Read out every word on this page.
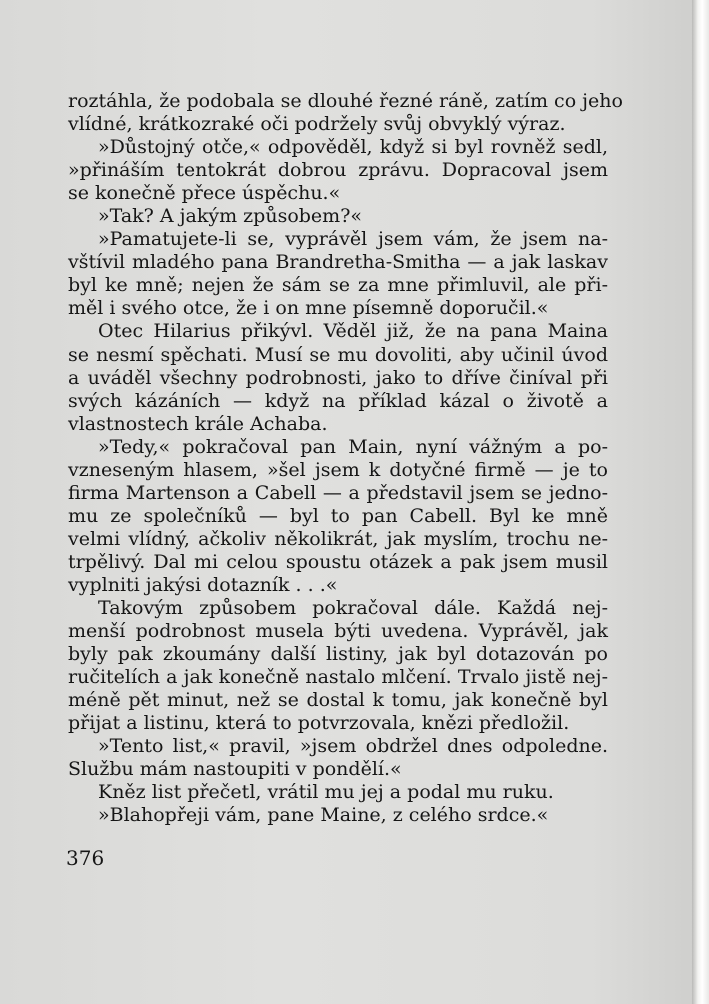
roztáhla, že podobala se dlouhé řezné ráně, zatím co jeho
vlídné, krátkozraké oči podržely svůj obvyklý výraz.
»Důstojný otče,« odpověděl, když si byl rovněž sedl,
»přináším tentokrát dobrou zprávu. Dopracoval jsem
se konečně přece úspěchu.«
»Tak? A jakým způsobem?«
»Pamatujete-li se, vyprávěl jsem vám, že jsem na-
vštívil mladého pana Brandretha-Smitha — a jak laskav
byl ke mně; nejen že sám se za mne přimluvil, ale při-
měl i svého otce, že i on mne písemně doporučil.«
Otec Hilarius přikývl. Věděl již, že na pana Maina
se nesmí spěchati. Musí se mu dovoliti, aby učinil úvod
a uváděl všechny podrobnosti, jako to dříve činíval při
svých kázáních — když na příklad kázal o životě a
vlastnostech krále Achaba.
»Tedy,« pokračoval pan Main, nyní vážným a po-
vzneseným hlasem, »šel jsem k dotyčné firmě — je to
firma Martenson a Cabell — a představil jsem se jedno-
mu ze společníků — byl to pan Cabell. Byl ke mně
velmi vlídný, ačkoliv několikrát, jak myslím, trochu ne-
trpělivý. Dal mi celou spoustu otázek a pak jsem musil
vyplniti jakýsi dotazník . . .«
Takovým způsobem pokračoval dále. Každá nej-
menší podrobnost musela býti uvedena. Vyprávěl, jak
byly pak zkoumány další listiny, jak byl dotazován po
ručitelích a jak konečně nastalo mlčení. Trvalo jistě nej-
méně pět minut, než se dostal k tomu, jak konečně byl
přijat a listinu, která to potvrzovala, knězi předložil.
»Tento list,« pravil, »jsem obdržel dnes odpoledne.
Službu mám nastoupiti v pondělí.«
Kněz list přečetl, vrátil mu jej a podal mu ruku.
»Blahopřeji vám, pane Maine, z celého srdce.«
376
